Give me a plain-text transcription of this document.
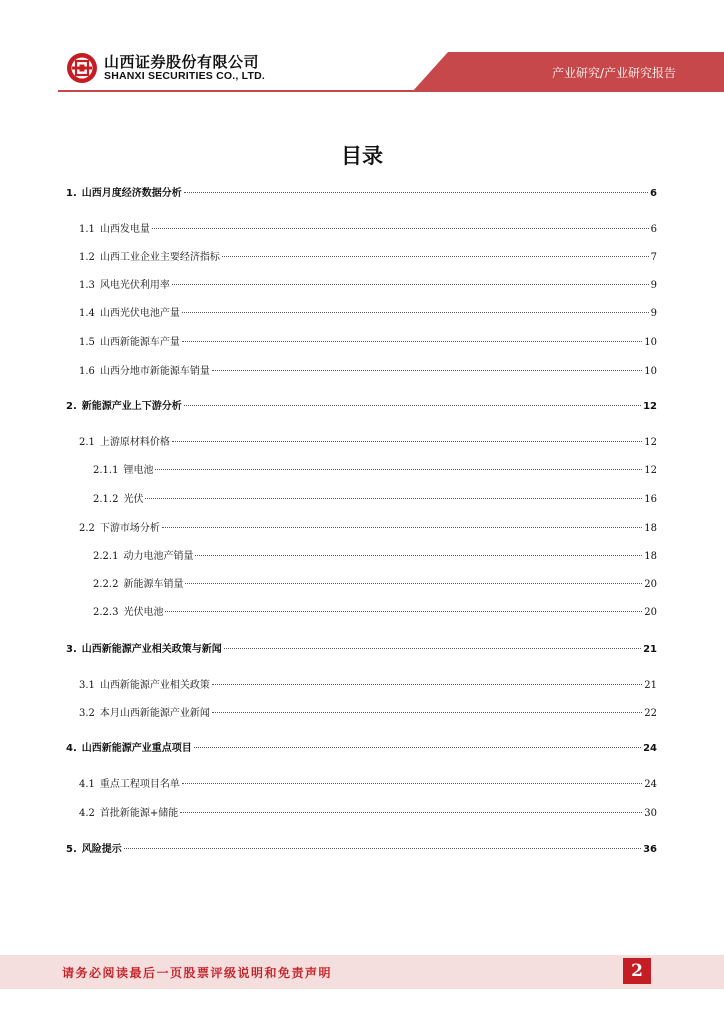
山西证券股份有限公司
SHANXI SECURITIES CO., LTD.	产业研究/产业研究报告
目录
1. 山西月度经济数据分析	6
1.1 山西发电量	6
1.2 山西工业企业主要经济指标	7
1.3 风电光伏利用率	9
1.4 山西光伏电池产量	9
1.5 山西新能源车产量	10
1.6 山西分地市新能源车销量	10
2. 新能源产业上下游分析	12
2.1 上游原材料价格	12
2.1.1 锂电池	12
2.1.2 光伏	16
2.2 下游市场分析	18
2.2.1 动力电池产销量	18
2.2.2 新能源车销量	20
2.2.3 光伏电池	20
3. 山西新能源产业相关政策与新闻	21
3.1 山西新能源产业相关政策	21
3.2 本月山西新能源产业新闻	22
4. 山西新能源产业重点项目	24
4.1 重点工程项目名单	24
4.2 首批新能源+储能	30
5. 风险提示	36
请务必阅读最后一页股票评级说明和免责声明	2
